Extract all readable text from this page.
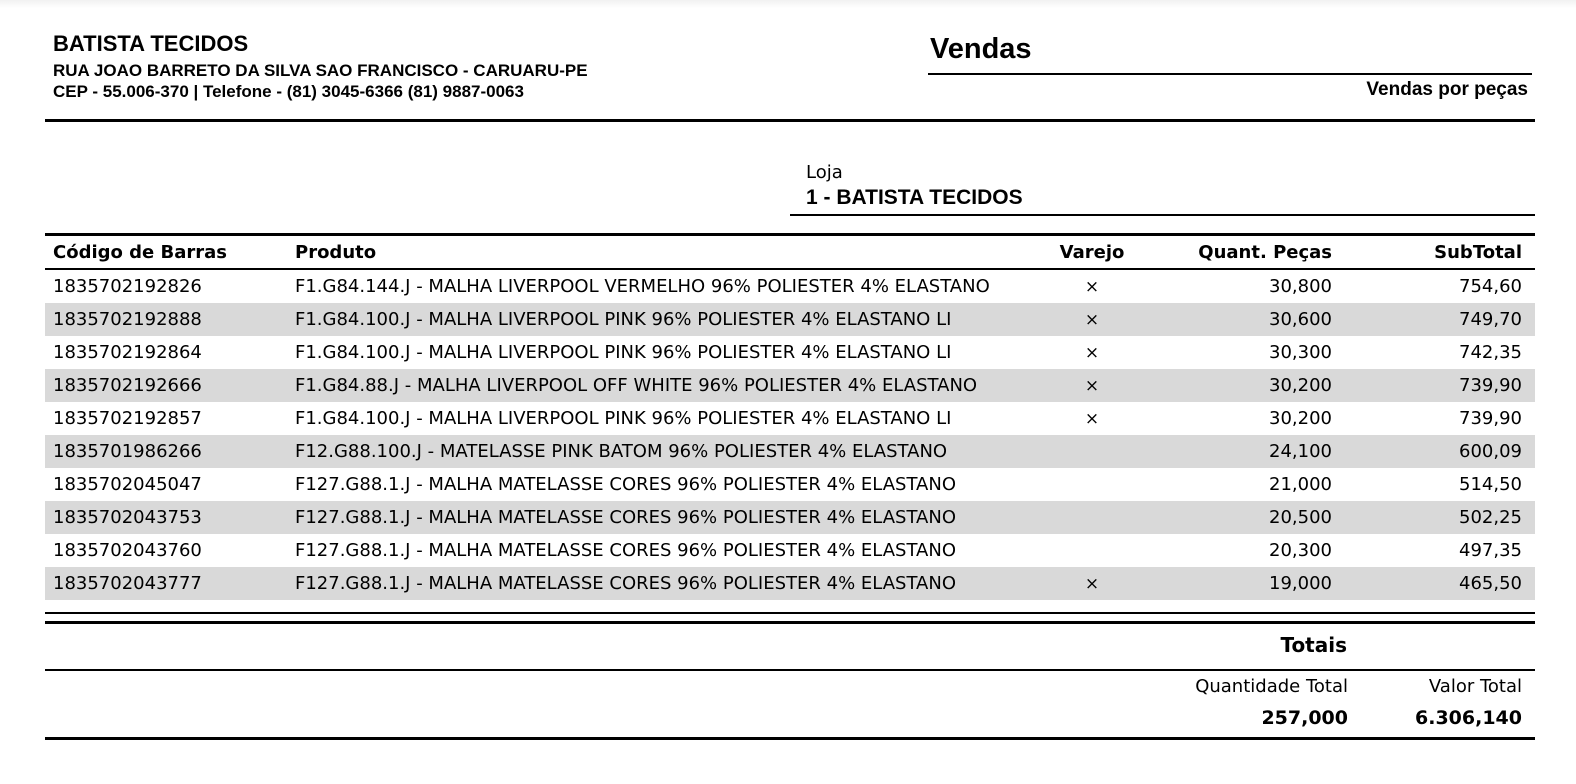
BATISTA TECIDOS
RUA JOAO BARRETO DA SILVA SAO FRANCISCO - CARUARU-PE
CEP - 55.006-370 | Telefone - (81) 3045-6366 (81) 9887-0063
Vendas
Vendas por peças
Loja
1 - BATISTA TECIDOS
Código de Barras	Produto	Varejo	Quant. Peças	SubTotal
1835702192826	F1.G84.144.J - MALHA LIVERPOOL VERMELHO 96% POLIESTER 4% ELASTANO	×	30,800	754,60
1835702192888	F1.G84.100.J - MALHA LIVERPOOL PINK 96% POLIESTER 4% ELASTANO LI	×	30,600	749,70
1835702192864	F1.G84.100.J - MALHA LIVERPOOL PINK 96% POLIESTER 4% ELASTANO LI	×	30,300	742,35
1835702192666	F1.G84.88.J - MALHA LIVERPOOL OFF WHITE 96% POLIESTER 4% ELASTANO	×	30,200	739,90
1835702192857	F1.G84.100.J - MALHA LIVERPOOL PINK 96% POLIESTER 4% ELASTANO LI	×	30,200	739,90
1835701986266	F12.G88.100.J - MATELASSE PINK BATOM 96% POLIESTER 4% ELASTANO		24,100	600,09
1835702045047	F127.G88.1.J - MALHA MATELASSE CORES 96% POLIESTER 4% ELASTANO		21,000	514,50
1835702043753	F127.G88.1.J - MALHA MATELASSE CORES 96% POLIESTER 4% ELASTANO		20,500	502,25
1835702043760	F127.G88.1.J - MALHA MATELASSE CORES 96% POLIESTER 4% ELASTANO		20,300	497,35
1835702043777	F127.G88.1.J - MALHA MATELASSE CORES 96% POLIESTER 4% ELASTANO	×	19,000	465,50
Totais
Quantidade Total	Valor Total
257,000	6.306,140
